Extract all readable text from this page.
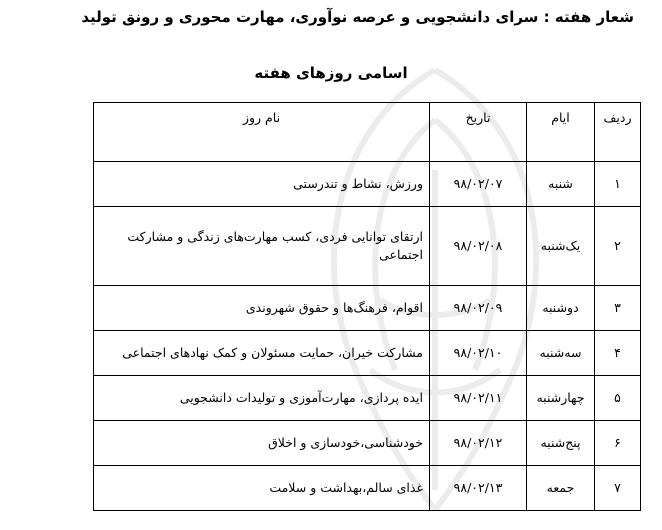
شعار هفته : سرای دانشجویی و عرصه نوآوری، مهارت محوری و رونق تولید
اسامی روزهای هفته
ردیف	ایام	تاریخ	نام روز
۱	شنبه	۹۸/۰۲/۰۷	ورزش، نشاط و تندرستی
۲	یک‌شنبه	۹۸/۰۲/۰۸	ارتقای توانایی فردی، کسب مهارت‌های زندگی و مشارکت اجتماعی
۳	دوشنبه	۹۸/۰۲/۰۹	اقوام، فرهنگ‌ها و حقوق شهروندی
۴	سه‌شنبه	۹۸/۰۲/۱۰	مشارکت خیران، حمایت مسئولان و کمک نهادهای اجتماعی
۵	چهارشنبه	۹۸/۰۲/۱۱	ایده پردازی، مهارت‌آموزی و تولیدات دانشجویی
۶	پنج‌شنبه	۹۸/۰۲/۱۲	خودشناسی،خودسازی و اخلاق
۷	جمعه	۹۸/۰۲/۱۳	غذای سالم،بهداشت و سلامت
